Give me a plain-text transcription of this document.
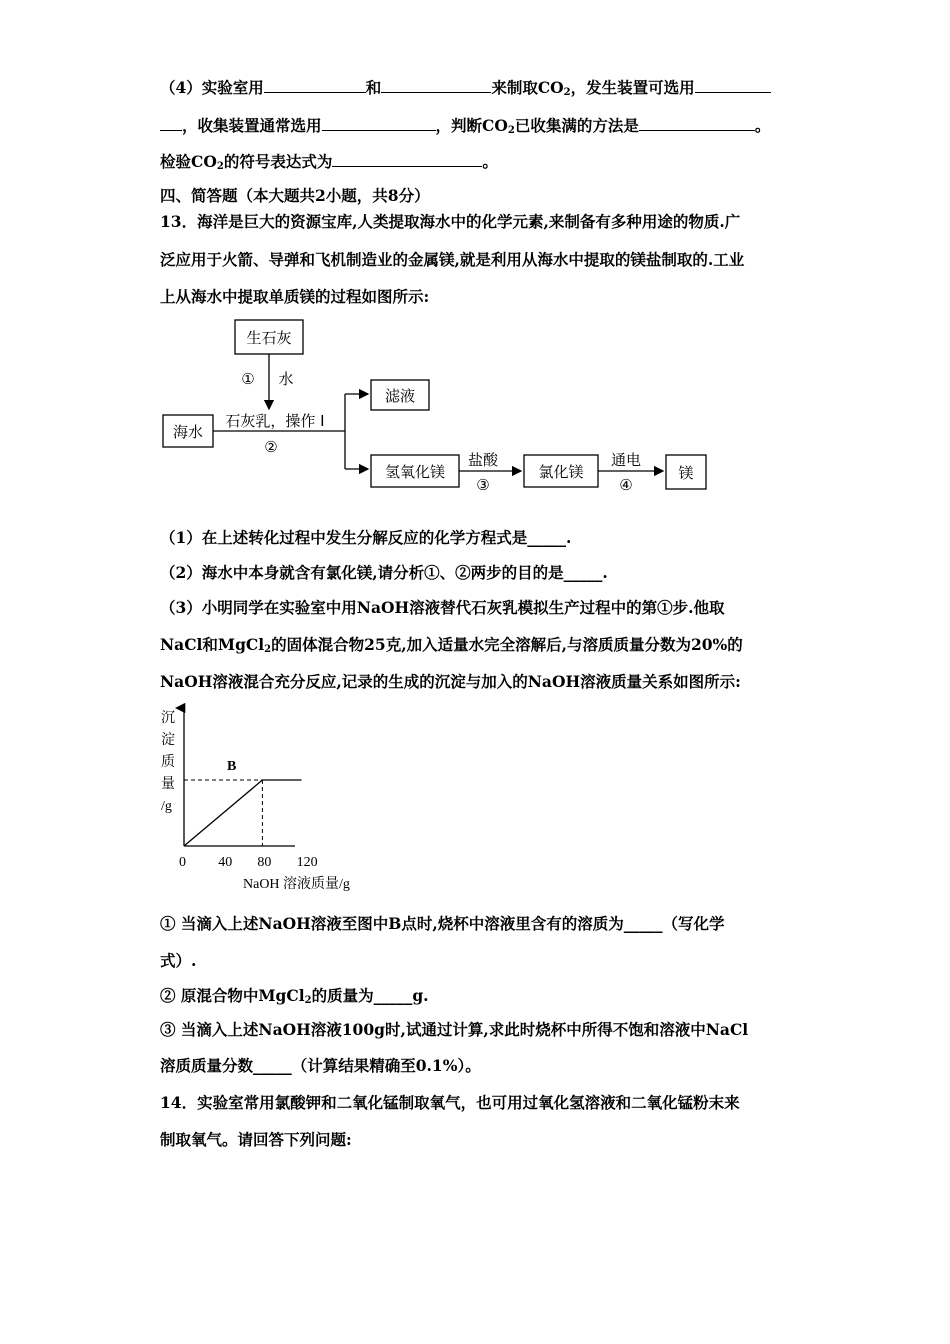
（4）实验室用	和	来制取$CO_2$，发生装置可选用
，收集装置通常选用	，判断$CO_2$已收集满的方法是	。
检验$CO_2$的符号表达式为	。
四、简答题（本大题共2小题，共8分）
13．海洋是巨大的资源宝库,人类提取海水中的化学元素,来制备有多种用途的物质.广
泛应用于火箭、导弹和飞机制造业的金属镁,就是利用从海水中提取的镁盐制取的.工业
上从海水中提取单质镁的过程如图所示:
生石灰
① 水
海水
石灰乳，操作 I
②
滤液
氢氧化镁
盐酸
③
氯化镁
通电
④
镁
（1）在上述转化过程中发生分解反应的化学方程式是_____.
（2）海水中本身就含有氯化镁,请分析①、②两步的目的是_____.
（3）小明同学在实验室中用NaOH溶液替代石灰乳模拟生产过程中的第①步.他取
NaCl和MgCl$_2$的固体混合物25克,加入适量水完全溶解后,与溶质质量分数为20%的
NaOH溶液混合充分反应,记录的生成的沉淀与加入的NaOH溶液质量关系如图所示:
沉
淀
质
量
/g
0 40 80 120
NaOH 溶液质量/g
B
① 当滴入上述NaOH溶液至图中B点时,烧杯中溶液里含有的溶质为_____（写化学
式）.
② 原混合物中MgCl$_2$的质量为_____g.
③ 当滴入上述NaOH溶液100g时,试通过计算,求此时烧杯中所得不饱和溶液中NaCl
溶质质量分数_____（计算结果精确至0.1%）。
14．实验室常用氯酸钾和二氧化锰制取氧气，也可用过氧化氢溶液和二氧化锰粉末来
制取氧气。请回答下列问题:
